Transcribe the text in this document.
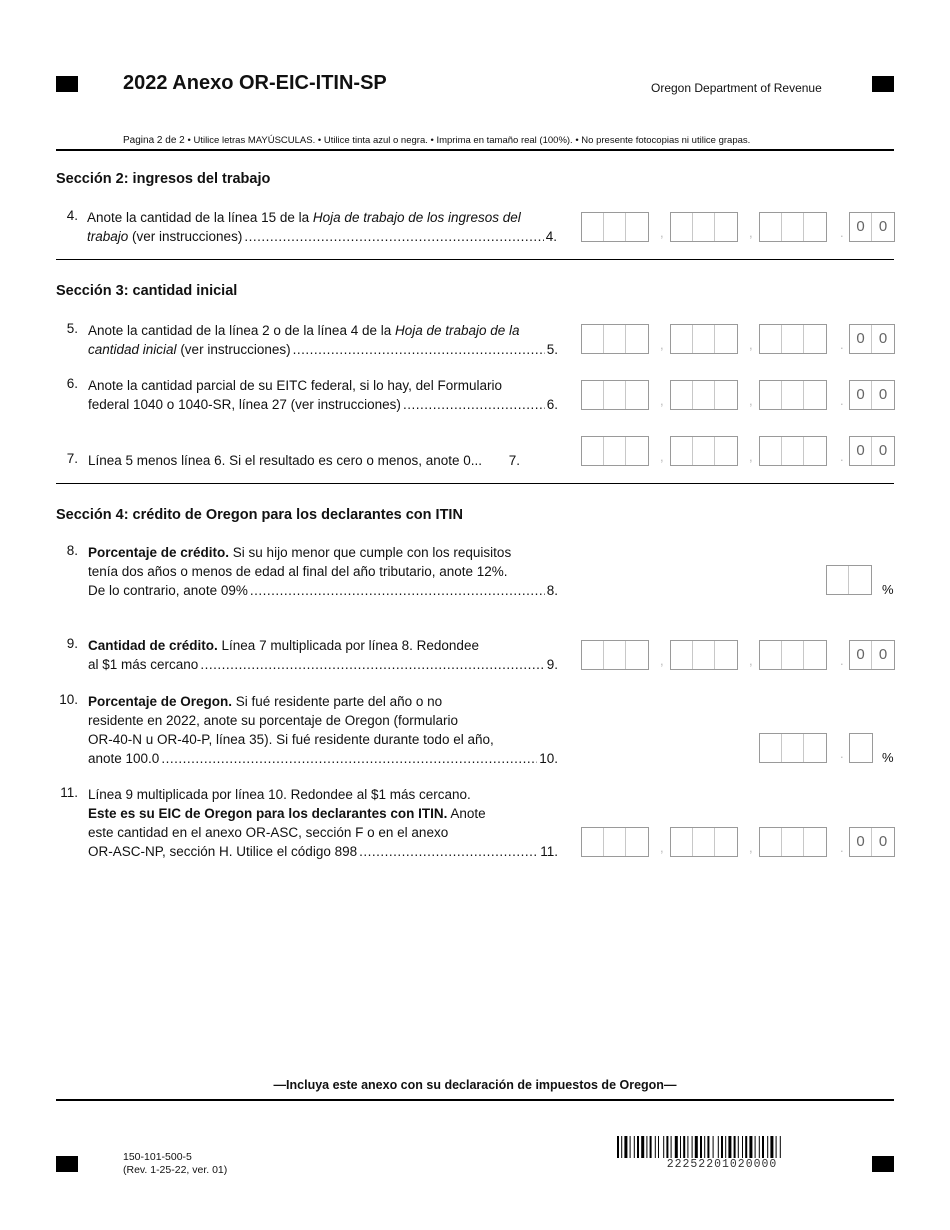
2022 Anexo OR-EIC-ITIN-SP	Oregon Department of Revenue
Pagina 2 de 2 • Utilice letras MAYÚSCULAS. • Utilice tinta azul o negra. • Imprima en tamaño real (100%). • No presente fotocopias ni utilice grapas.
Sección 2: ingresos del trabajo
4. Anote la cantidad de la línea 15 de la Hoja de trabajo de los ingresos del
trabajo (ver instrucciones) .....	4.	,	,	. 0 0
Sección 3: cantidad inicial
5. Anote la cantidad de la línea 2 o de la línea 4 de la Hoja de trabajo de la
cantidad inicial (ver instrucciones) .....	5.	,	,	. 0 0
6. Anote la cantidad parcial de su EITC federal, si lo hay, del Formulario
federal 1040 o 1040-SR, línea 27 (ver instrucciones) .....	6.	,	,	. 0 0
7. Línea 5 menos línea 6. Si el resultado es cero o menos, anote 0... 7.	,	,	. 0 0
Sección 4: crédito de Oregon para los declarantes con ITIN
8. Porcentaje de crédito. Si su hijo menor que cumple con los requisitos
tenía dos años o menos de edad al final del año tributario, anote 12%.
De lo contrario, anote 09% .....	8.	%
9. Cantidad de crédito. Línea 7 multiplicada por línea 8. Redondee
al $1 más cercano .....	9.	,	,	. 0 0
10. Porcentaje de Oregon. Si fué residente parte del año o no
residente en 2022, anote su porcentaje de Oregon (formulario
OR-40-N u OR-40-P, línea 35). Si fué residente durante todo el año,
anote 100.0 .....	10.	.	%
11. Línea 9 multiplicada por línea 10. Redondee al $1 más cercano.
Este es su EIC de Oregon para los declarantes con ITIN. Anote
este cantidad en el anexo OR-ASC, sección F o en el anexo
OR-ASC-NP, sección H. Utilice el código 898 .....	11.	,	,	. 0 0
—Incluya este anexo con su declaración de impuestos de Oregon—
150-101-500-5
(Rev. 1-25-22, ver. 01)	22252201020000
